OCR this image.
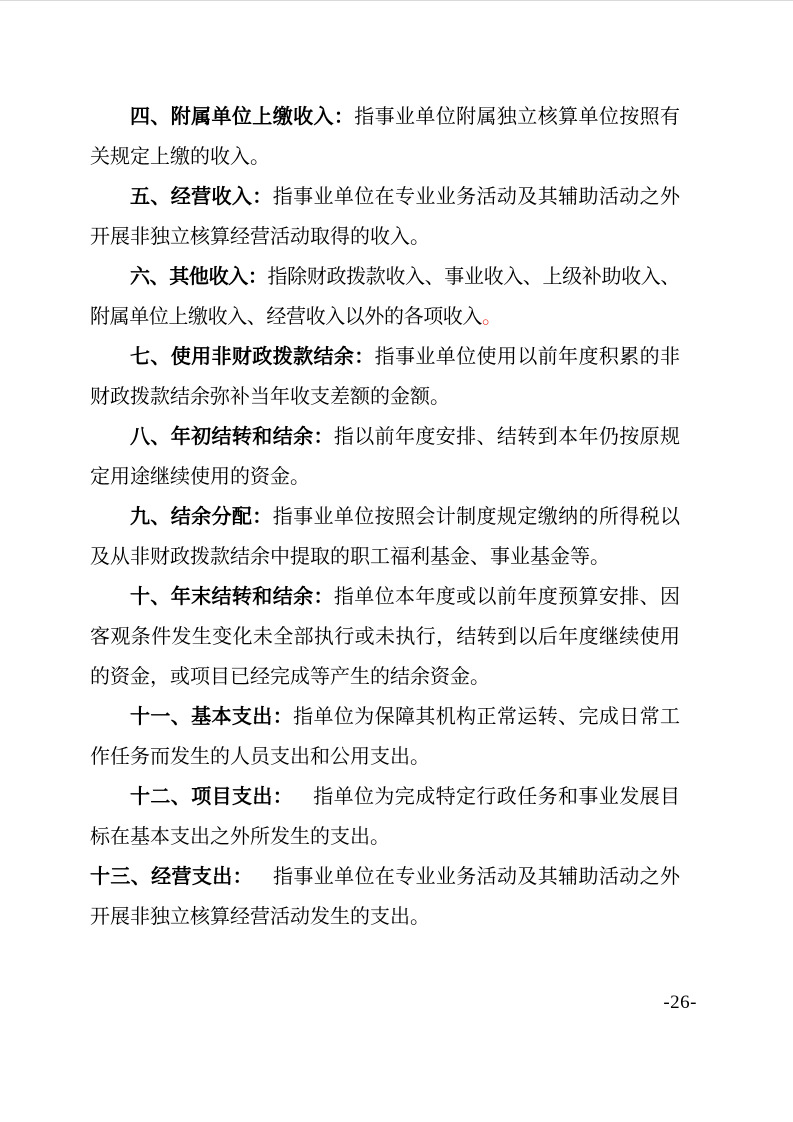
四、附属单位上缴收入：指事业单位附属独立核算单位按照有关规定上缴的收入。

五、经营收入：指事业单位在专业业务活动及其辅助活动之外开展非独立核算经营活动取得的收入。

六、其他收入：指除财政拨款收入、事业收入、上级补助收入、附属单位上缴收入、经营收入以外的各项收入。

七、使用非财政拨款结余：指事业单位使用以前年度积累的非财政拨款结余弥补当年收支差额的金额。

八、年初结转和结余：指以前年度安排、结转到本年仍按原规定用途继续使用的资金。

九、结余分配：指事业单位按照会计制度规定缴纳的所得税以及从非财政拨款结余中提取的职工福利基金、事业基金等。

十、年末结转和结余：指单位本年度或以前年度预算安排、因客观条件发生变化未全部执行或未执行，结转到以后年度继续使用的资金，或项目已经完成等产生的结余资金。

十一、基本支出：指单位为保障其机构正常运转、完成日常工作任务而发生的人员支出和公用支出。

十二、项目支出： 指单位为完成特定行政任务和事业发展目标在基本支出之外所发生的支出。

十三、经营支出： 指事业单位在专业业务活动及其辅助活动之外开展非独立核算经营活动发生的支出。

-26-
